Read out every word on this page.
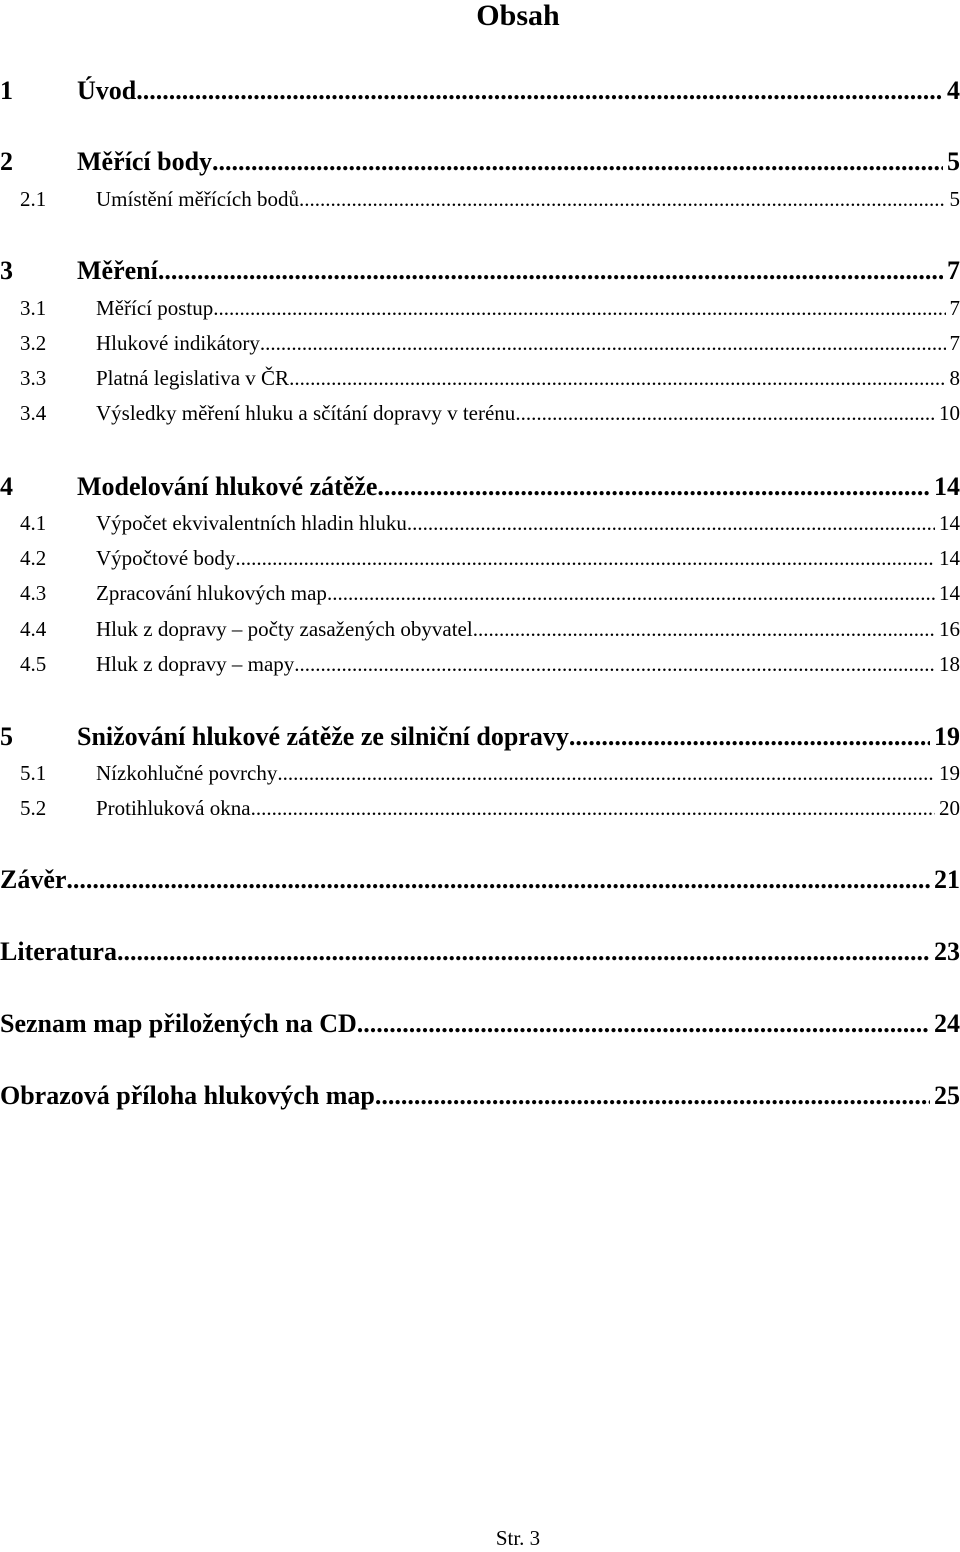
Obsah
1	Úvod .....	4
2	Měřící body .....	5
2.1	Umístění měřících bodů .....	5
3	Měření .....	7
3.1	Měřící postup .....	7
3.2	Hlukové indikátory .....	7
3.3	Platná legislativa v ČR .....	8
3.4	Výsledky měření hluku a sčítání dopravy v terénu .....	10
4	Modelování hlukové zátěže .....	14
4.1	Výpočet ekvivalentních hladin hluku .....	14
4.2	Výpočtové body .....	14
4.3	Zpracování hlukových map .....	14
4.4	Hluk z dopravy – počty zasažených obyvatel .....	16
4.5	Hluk z dopravy – mapy .....	18
5	Snižování hlukové zátěže ze silniční dopravy .....	19
5.1	Nízkohlučné povrchy .....	19
5.2	Protihluková okna .....	20
Závěr .....	21
Literatura .....	23
Seznam map přiložených na CD .....	24
Obrazová příloha hlukových map .....	25
Str. 3
